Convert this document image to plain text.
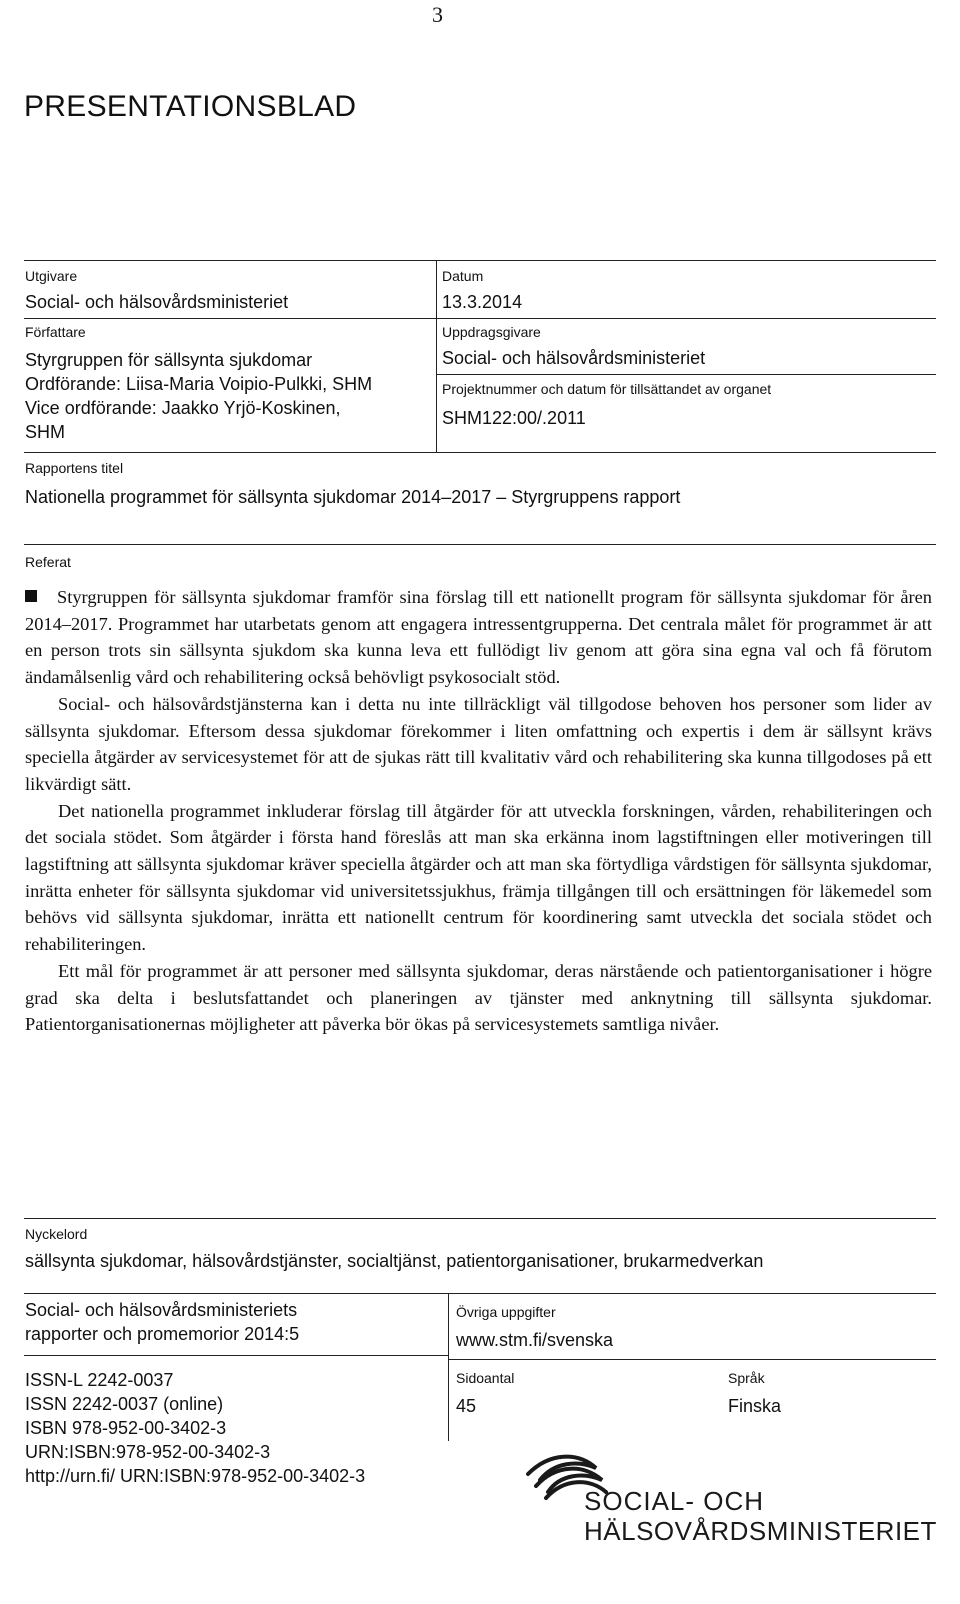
3
PRESENTATIONSBLAD
Utgivare
Social- och hälsovårdsministeriet
Datum
13.3.2014
Författare
Styrgruppen för sällsynta sjukdomar
Ordförande: Liisa-Maria Voipio-Pulkki, SHM
Vice ordförande: Jaakko Yrjö-Koskinen,
SHM
Uppdragsgivare
Social- och hälsovårdsministeriet
Projektnummer och datum för tillsättandet av organet
SHM122:00/.2011
Rapportens titel
Nationella programmet för sällsynta sjukdomar 2014–2017 – Styrgruppens rapport
Referat

Styrgruppen för sällsynta sjukdomar framför sina förslag till ett nationellt program för sällsynta sjukdomar för åren 2014–2017. Programmet har utarbetats genom att engagera intressentgrupperna. Det centrala målet för programmet är att en person trots sin sällsynta sjukdom ska kunna leva ett fullödigt liv genom att göra sina egna val och få förutom ändamålsenlig vård och rehabilitering också behövligt psykosocialt stöd.

Social- och hälsovårdstjänsterna kan i detta nu inte tillräckligt väl tillgodose behoven hos personer som lider av sällsynta sjukdomar. Eftersom dessa sjukdomar förekommer i liten omfattning och expertis i dem är sällsynt krävs speciella åtgärder av servicesystemet för att de sjukas rätt till kvalitativ vård och rehabilitering ska kunna tillgodoses på ett likvärdigt sätt.

Det nationella programmet inkluderar förslag till åtgärder för att utveckla forskningen, vården, rehabiliteringen och det sociala stödet. Som åtgärder i första hand föreslås att man ska erkänna inom lagstiftningen eller motiveringen till lagstiftning att sällsynta sjukdomar kräver speciella åtgärder och att man ska förtydliga vårdstigen för sällsynta sjukdomar, inrätta enheter för sällsynta sjukdomar vid universitetssjukhus, främja tillgången till och ersättningen för läkemedel som behövs vid sällsynta sjukdomar, inrätta ett nationellt centrum för koordinering samt utveckla det sociala stödet och rehabiliteringen.

Ett mål för programmet är att personer med sällsynta sjukdomar, deras närstående och patientorganisationer i högre grad ska delta i beslutsfattandet och planeringen av tjänster med anknytning till sällsynta sjukdomar. Patientorganisationernas möjligheter att påverka bör ökas på servicesystemets samtliga nivåer.

Nyckelord
sällsynta sjukdomar, hälsovårdstjänster, socialtjänst, patientorganisationer, brukarmedverkan
Social- och hälsovårdsministeriets
rapporter och promemorior 2014:5
Övriga uppgifter
www.stm.fi/svenska
ISSN-L 2242-0037
ISSN 2242-0037 (online)
ISBN 978-952-00-3402-3
URN:ISBN:978-952-00-3402-3
http://urn.fi/ URN:ISBN:978-952-00-3402-3
Sidoantal
45
Språk
Finska
SOCIAL- OCH
HÄLSOVÅRDSMINISTERIET
